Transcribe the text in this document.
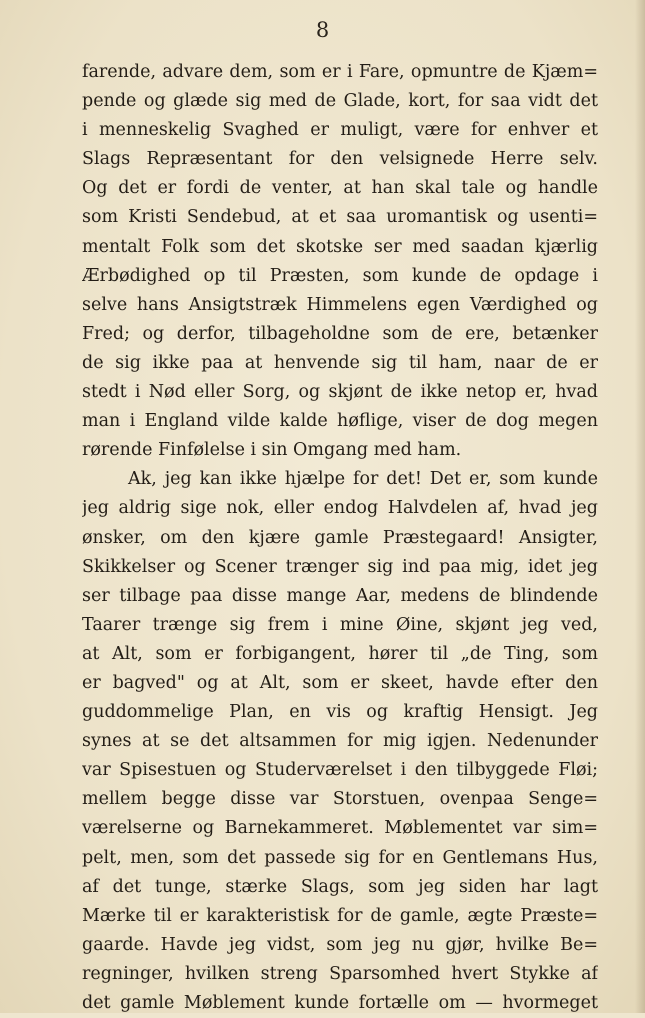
8
farende, advare dem, som er i Fare, opmuntre de Kjæm=
pende og glæde sig med de Glade, kort, for saa vidt det
i menneskelig Svaghed er muligt, være for enhver et
Slags Repræsentant for den velsignede Herre selv.
Og det er fordi de venter, at han skal tale og handle
som Kristi Sendebud, at et saa uromantisk og usenti=
mentalt Folk som det skotske ser med saadan kjærlig
Ærbødighed op til Præsten, som kunde de opdage i
selve hans Ansigtstræk Himmelens egen Værdighed og
Fred; og derfor, tilbageholdne som de ere, betænker
de sig ikke paa at henvende sig til ham, naar de er
stedt i Nød eller Sorg, og skjønt de ikke netop er, hvad
man i England vilde kalde høflige, viser de dog megen
rørende Finfølelse i sin Omgang med ham.
Ak, jeg kan ikke hjælpe for det! Det er, som kunde
jeg aldrig sige nok, eller endog Halvdelen af, hvad jeg
ønsker, om den kjære gamle Præstegaard! Ansigter,
Skikkelser og Scener trænger sig ind paa mig, idet jeg
ser tilbage paa disse mange Aar, medens de blindende
Taarer trænge sig frem i mine Øine, skjønt jeg ved,
at Alt, som er forbigangent, hører til „de Ting, som
er bagved" og at Alt, som er skeet, havde efter den
guddommelige Plan, en vis og kraftig Hensigt. Jeg
synes at se det altsammen for mig igjen. Nedenunder
var Spisestuen og Studerværelset i den tilbyggede Fløi;
mellem begge disse var Storstuen, ovenpaa Senge=
værelserne og Barnekammeret. Møblementet var sim=
pelt, men, som det passede sig for en Gentlemans Hus,
af det tunge, stærke Slags, som jeg siden har lagt
Mærke til er karakteristisk for de gamle, ægte Præste=
gaarde. Havde jeg vidst, som jeg nu gjør, hvilke Be=
regninger, hvilken streng Sparsomhed hvert Stykke af
det gamle Møblement kunde fortælle om — hvormeget
